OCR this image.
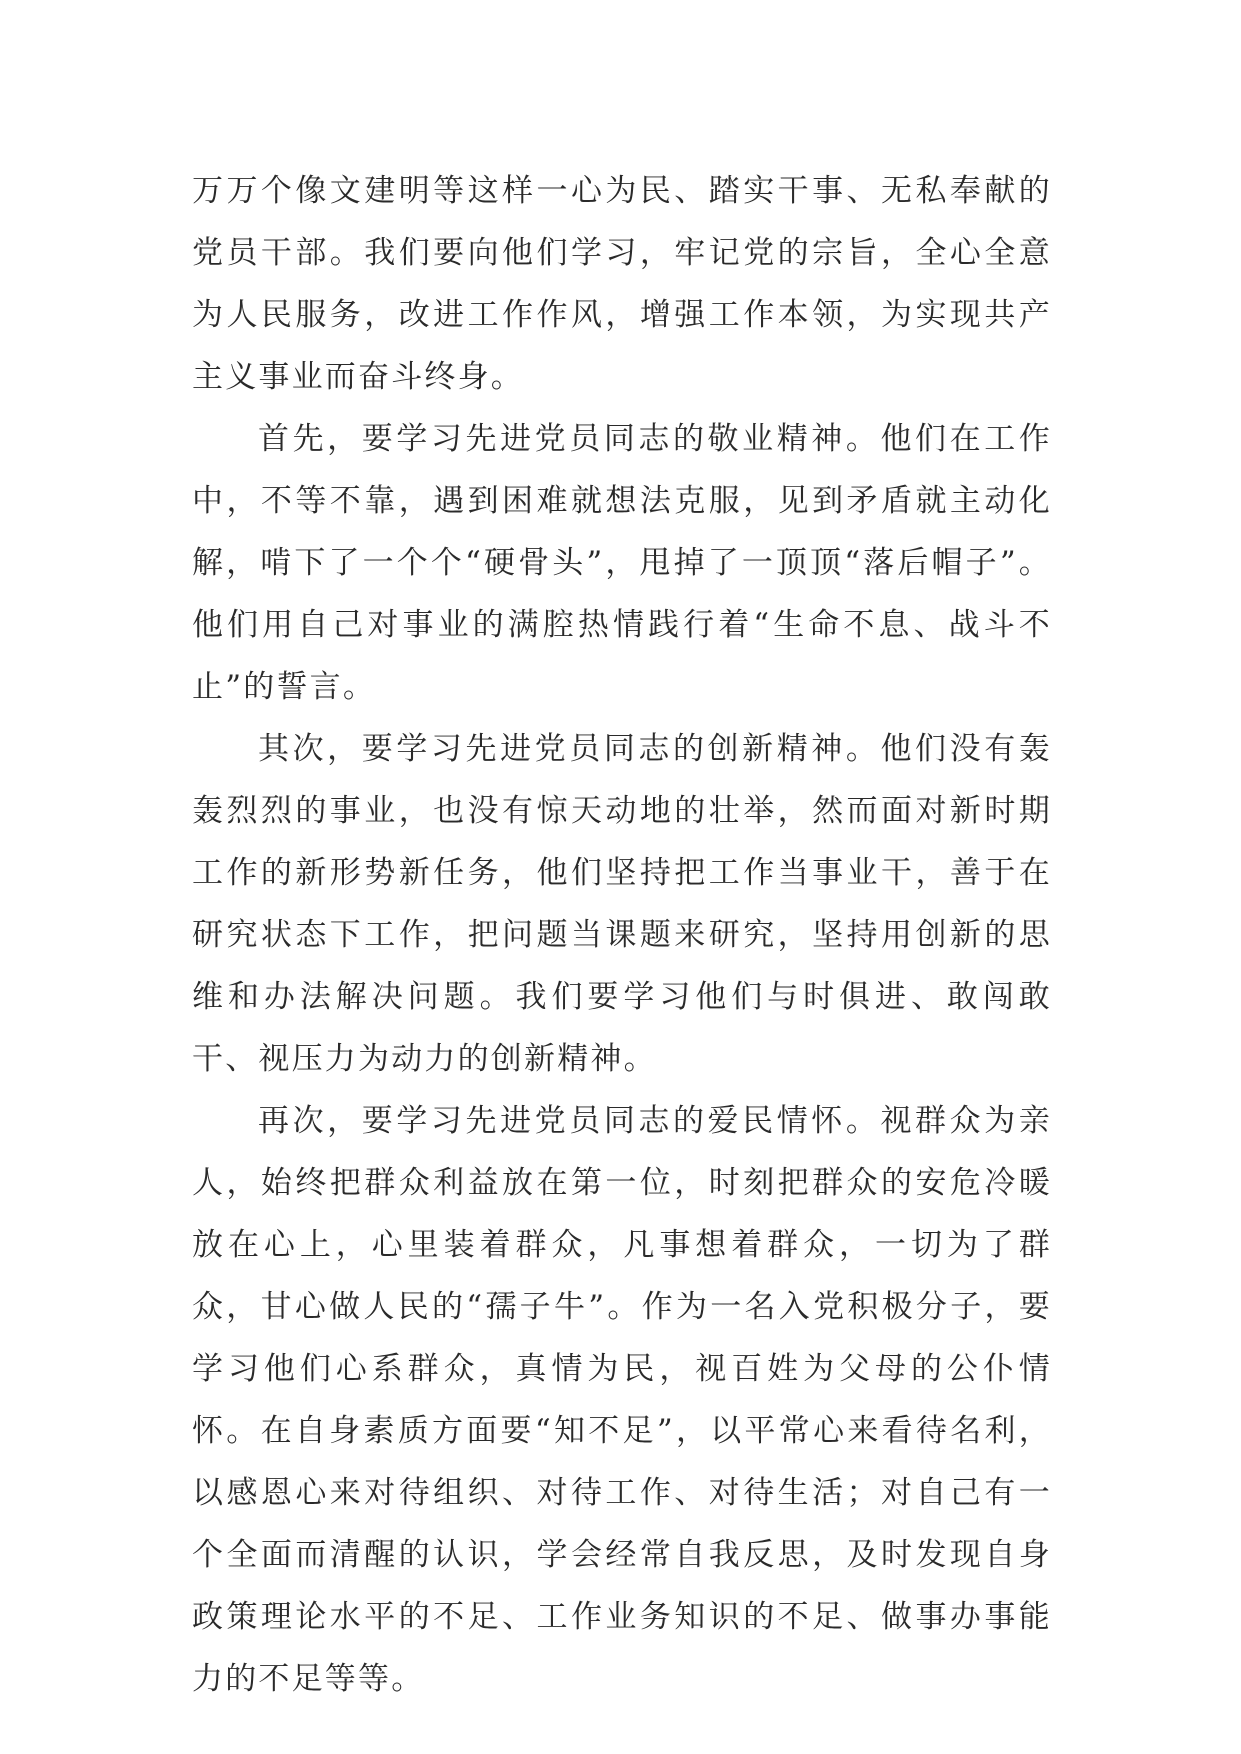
万万个像文建明等这样一心为民、踏实干事、无私奉献的党员干部。我们要向他们学习，牢记党的宗旨，全心全意为人民服务，改进工作作风，增强工作本领，为实现共产主义事业而奋斗终身。

首先，要学习先进党员同志的敬业精神。他们在工作中，不等不靠，遇到困难就想法克服，见到矛盾就主动化解，啃下了一个个“硬骨头”，甩掉了一顶顶“落后帽子”。他们用自己对事业的满腔热情践行着“生命不息、战斗不止”的誓言。

其次，要学习先进党员同志的创新精神。他们没有轰轰烈烈的事业，也没有惊天动地的壮举，然而面对新时期工作的新形势新任务，他们坚持把工作当事业干，善于在研究状态下工作，把问题当课题来研究，坚持用创新的思维和办法解决问题。我们要学习他们与时俱进、敢闯敢干、视压力为动力的创新精神。

再次，要学习先进党员同志的爱民情怀。视群众为亲人，始终把群众利益放在第一位，时刻把群众的安危冷暖放在心上，心里装着群众，凡事想着群众，一切为了群众，甘心做人民的“孺子牛”。作为一名入党积极分子，要学习他们心系群众，真情为民，视百姓为父母的公仆情怀。在自身素质方面要“知不足”，以平常心来看待名利，以感恩心来对待组织、对待工作、对待生活；对自己有一个全面而清醒的认识，学会经常自我反思，及时发现自身政策理论水平的不足、工作业务知识的不足、做事办事能力的不足等等。
